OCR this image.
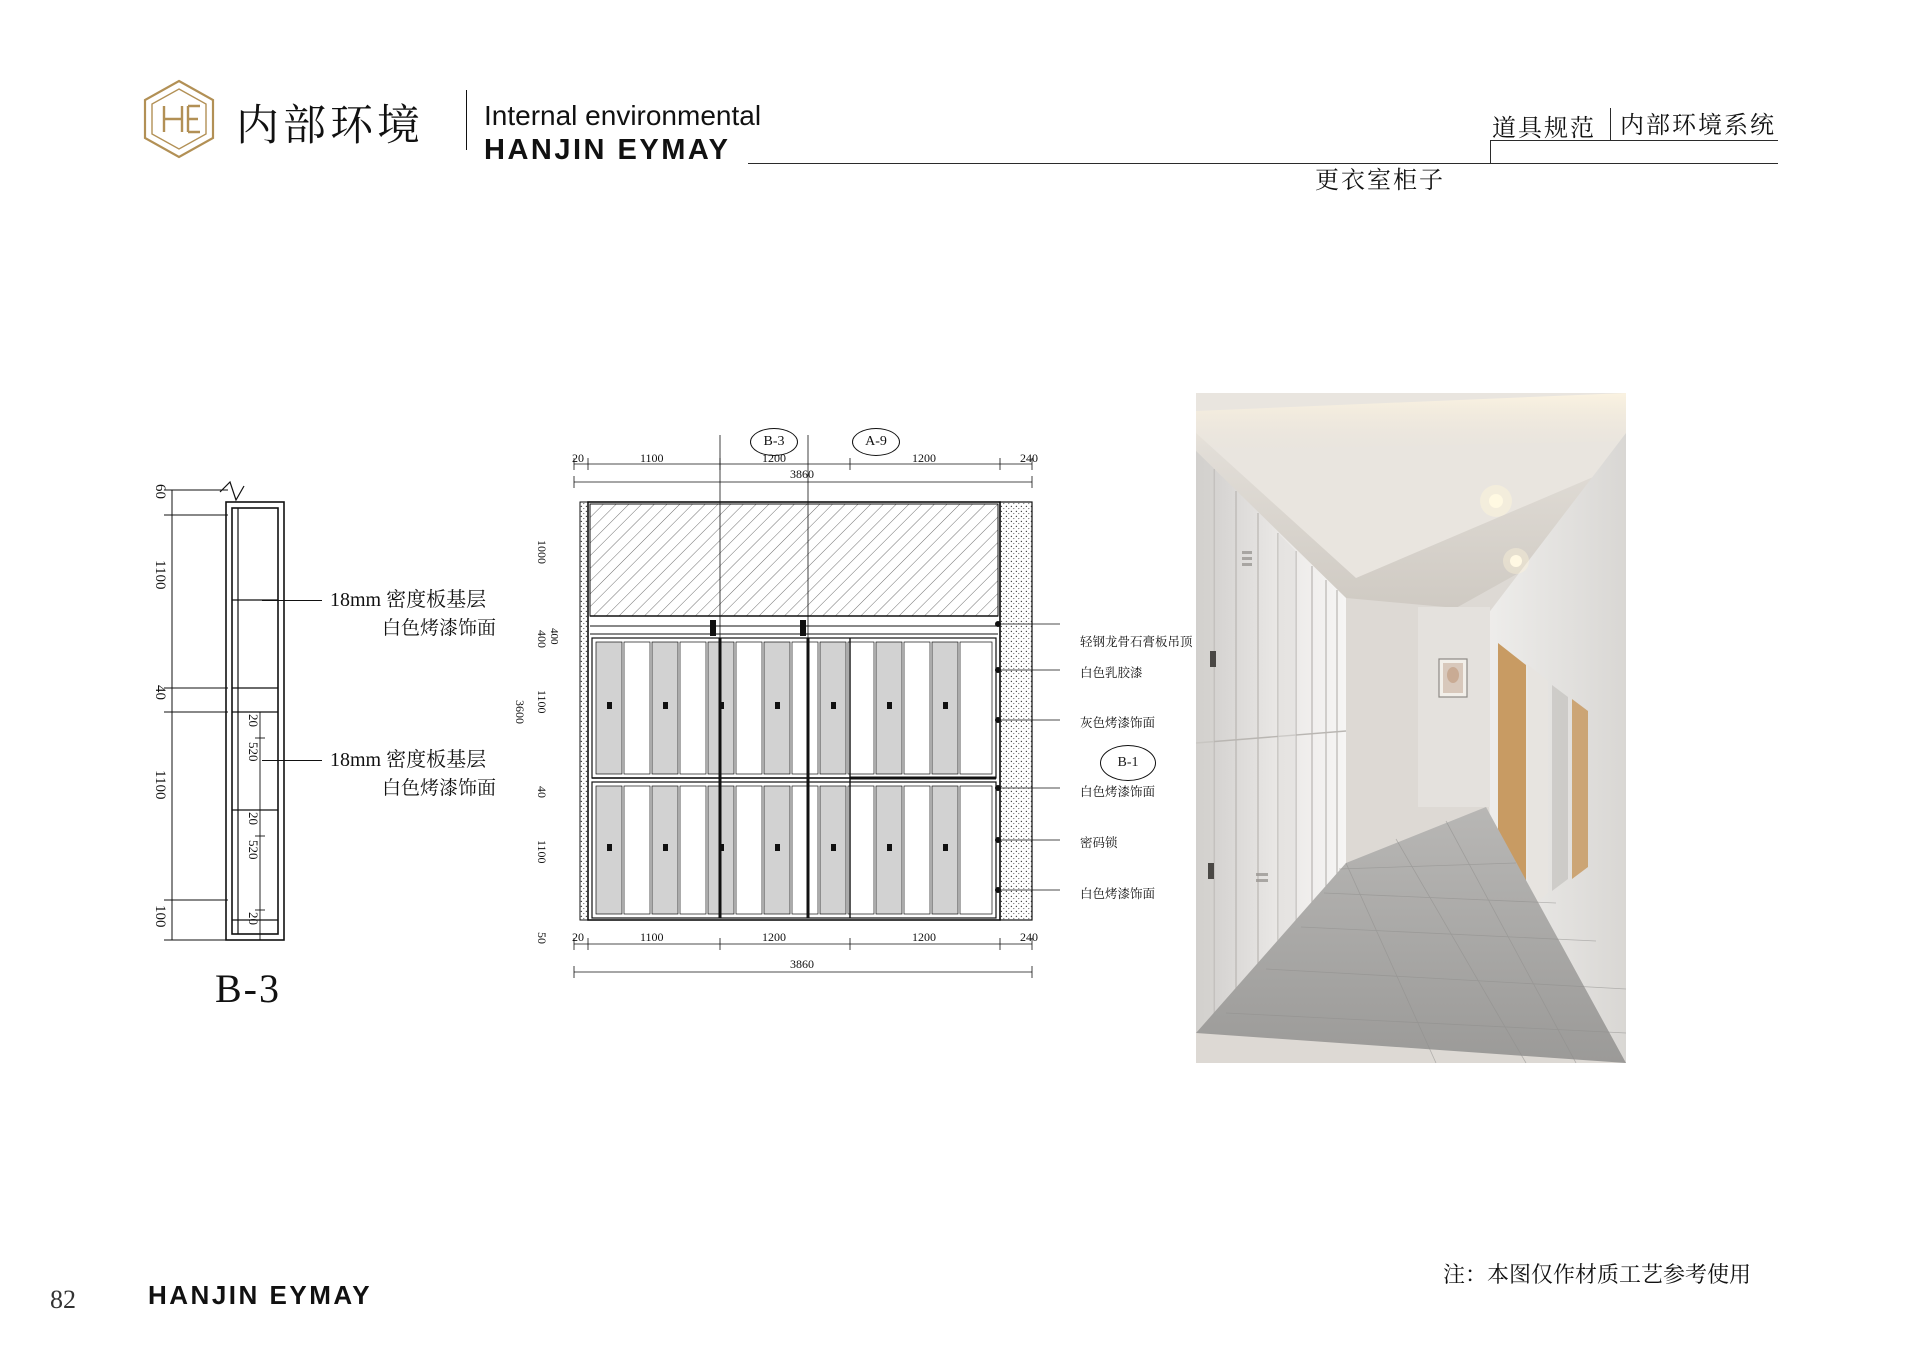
内部环境 Internal environmental
HANJIN EYMAY
内部环境系统
道具规范
更衣室柜子
60
1100
40
1100
100
20
520
20
520
20
B-3
18mm 密度板基层
白色烤漆饰面
18mm 密度板基层
白色烤漆饰面
B-3	A-9
B-1
20	1100	1200	1200	240
3860
20	1100	1200	1200	240
3860
1000
400
1100
40
1100
50
3600
400	轻钢龙骨石膏板吊顶
白色乳胶漆
灰色烤漆饰面
白色烤漆饰面
密码锁
白色烤漆饰面
82	HANJIN EYMAY
注：本图仅作材质工艺参考使用
